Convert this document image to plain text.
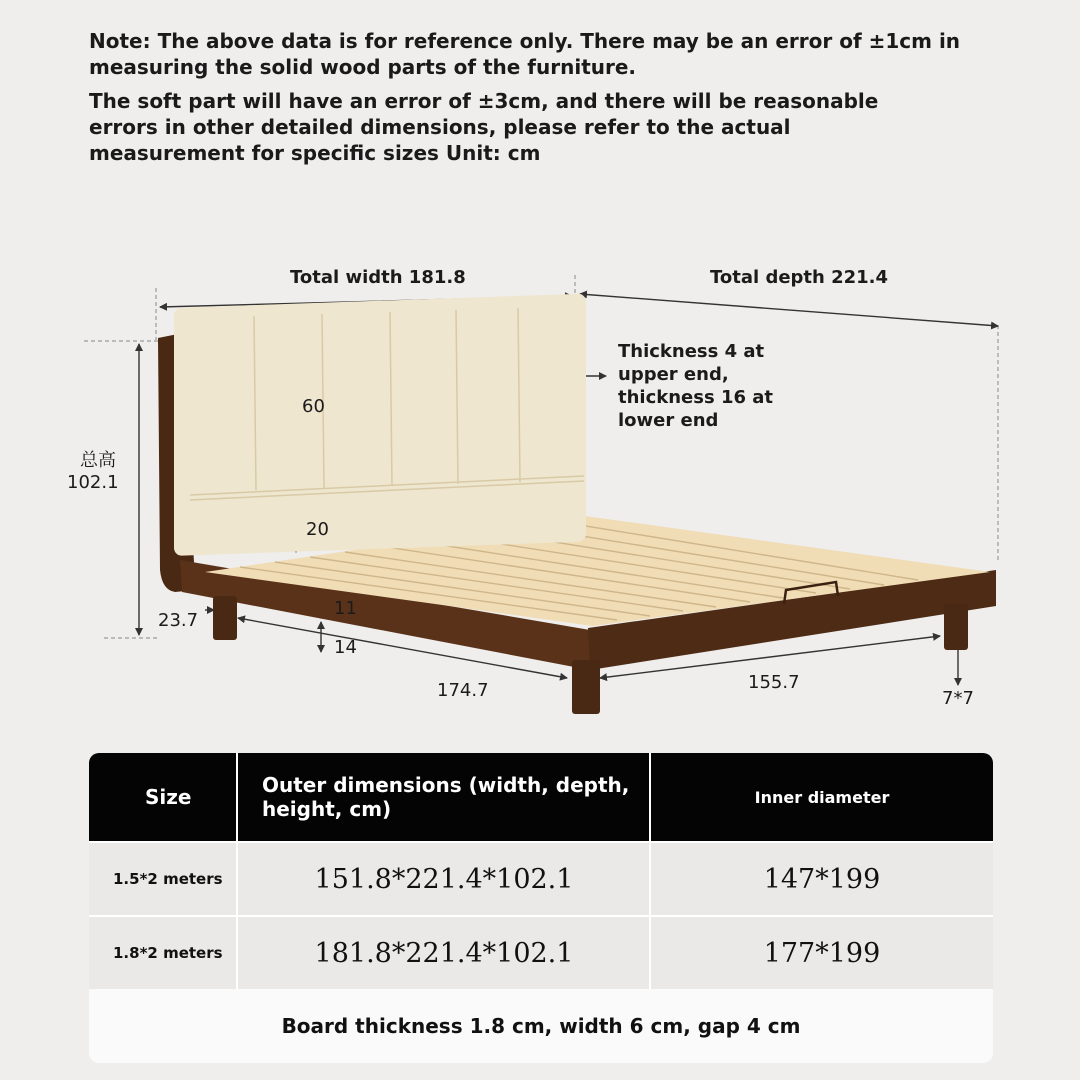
Note: The above data is for reference only. There may be an error of ±1cm in measuring the solid wood parts of the furniture.
The soft part will have an error of ±3cm, and there will be reasonable errors in other detailed dimensions, please refer to the actual measurement for specific sizes Unit: cm
Total width 181.8	Total depth 221.4
Thickness 4 at upper end, thickness 16 at lower end
60
20
总高
102.1
23.7
11
14
174.7	155.7
7*7
Size	Outer dimensions (width, depth, height, cm)	Inner diameter
1.5*2 meters	151.8*221.4*102.1	147*199
1.8*2 meters	181.8*221.4*102.1	177*199
Board thickness 1.8 cm, width 6 cm, gap 4 cm
